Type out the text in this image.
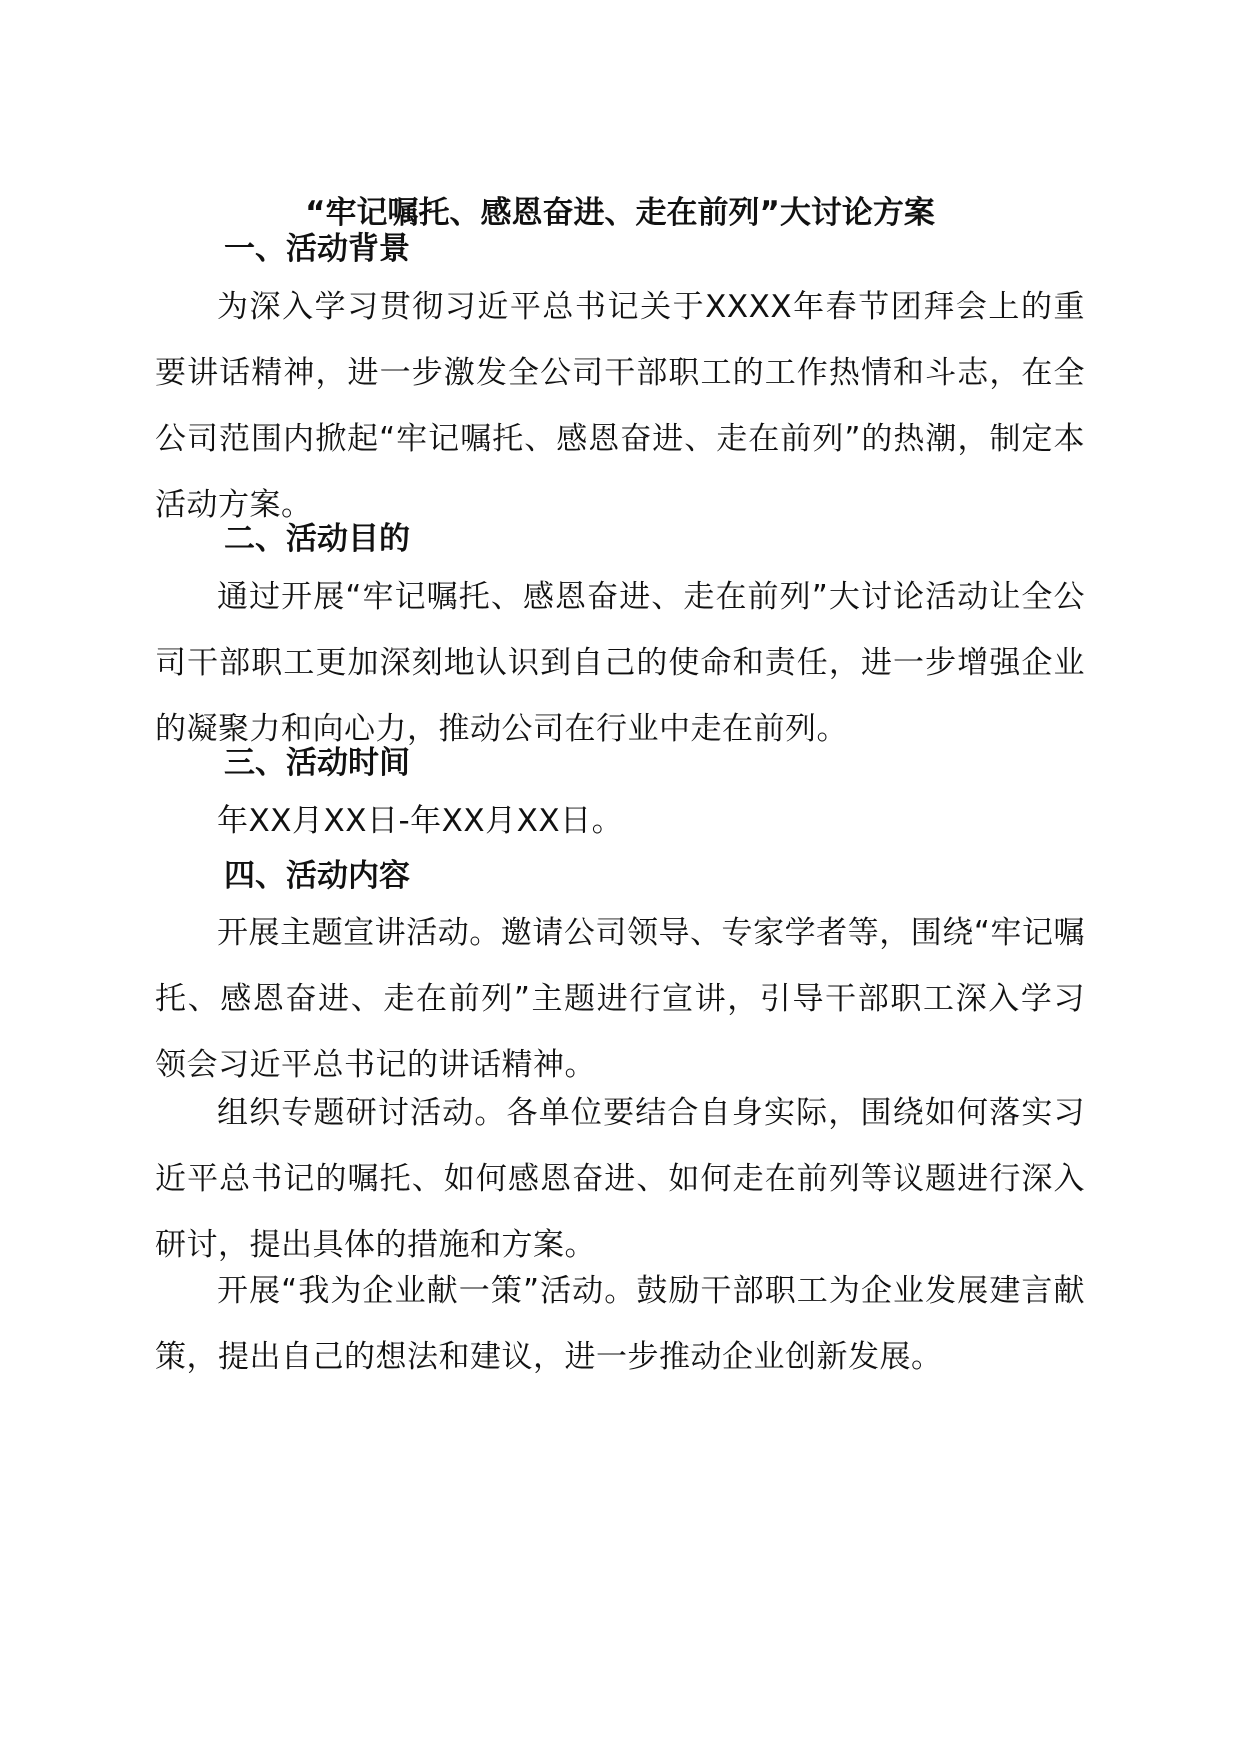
“牢记嘱托、感恩奋进、走在前列”大讨论方案
一、活动背景
为深入学习贯彻习近平总书记关于XXXX年春节团拜会上的重要讲话精神，进一步激发全公司干部职工的工作热情和斗志，在全公司范围内掀起“牢记嘱托、感恩奋进、走在前列”的热潮，制定本活动方案。
二、活动目的
通过开展“牢记嘱托、感恩奋进、走在前列”大讨论活动让全公司干部职工更加深刻地认识到自己的使命和责任，进一步增强企业的凝聚力和向心力，推动公司在行业中走在前列。
三、活动时间
年XX月XX日-年XX月XX日。
四、活动内容
开展主题宣讲活动。邀请公司领导、专家学者等，围绕“牢记嘱托、感恩奋进、走在前列”主题进行宣讲，引导干部职工深入学习领会习近平总书记的讲话精神。
组织专题研讨活动。各单位要结合自身实际，围绕如何落实习近平总书记的嘱托、如何感恩奋进、如何走在前列等议题进行深入研讨，提出具体的措施和方案。
开展“我为企业献一策”活动。鼓励干部职工为企业发展建言献策，提出自己的想法和建议，进一步推动企业创新发展。
